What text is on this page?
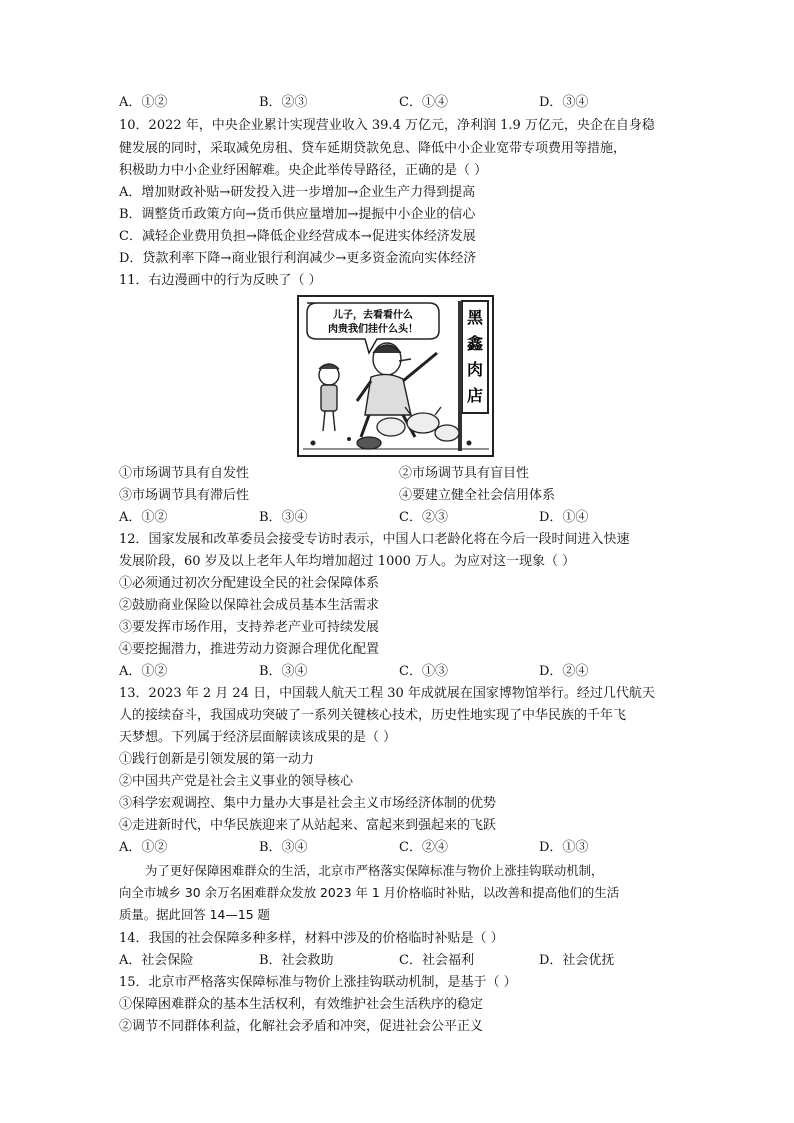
A．①②	B．②③	C．①④	D．③④
10．2022 年，中央企业累计实现营业收入 39.4 万亿元，净利润 1.9 万亿元，央企在自身稳
健发展的同时，采取减免房租、贷车延期贷款免息、降低中小企业宽带专项费用等措施，
积极助力中小企业纾困解难。央企此举传导路径，正确的是（ ）
A．增加财政补贴→研发投入进一步增加→企业生产力得到提高
B．调整货币政策方向→货币供应量增加→提振中小企业的信心
C．减轻企业费用负担→降低企业经营成本→促进实体经济发展
D．贷款利率下降→商业银行利润减少→更多资金流向实体经济
11．右边漫画中的行为反映了（ ）
儿子，去看看什么
肉贵我们挂什么头！
黑
鑫
肉
店
①市场调节具有自发性	②市场调节具有盲目性
③市场调节具有滞后性	④要建立健全社会信用体系
A．①②	B．③④	C．②③	D．①④
12．国家发展和改革委员会接受专访时表示，中国人口老龄化将在今后一段时间进入快速
发展阶段，60 岁及以上老年人年均增加超过 1000 万人。为应对这一现象（ ）
①必须通过初次分配建设全民的社会保障体系
②鼓励商业保险以保障社会成员基本生活需求
③要发挥市场作用，支持养老产业可持续发展
④要挖掘潜力，推进劳动力资源合理优化配置
A．①②	B．③④	C．①③	D．②④
13．2023 年 2 月 24 日，中国载人航天工程 30 年成就展在国家博物馆举行。经过几代航天
人的接续奋斗，我国成功突破了一系列关键核心技术，历史性地实现了中华民族的千年飞
天梦想。下列属于经济层面解读该成果的是（ ）
①践行创新是引领发展的第一动力
②中国共产党是社会主义事业的领导核心
③科学宏观调控、集中力量办大事是社会主义市场经济体制的优势
④走进新时代，中华民族迎来了从站起来、富起来到强起来的飞跃
A．①②	B．③④	C．②④	D．①③
为了更好保障困难群众的生活，北京市严格落实保障标准与物价上涨挂钩联动机制，
向全市城乡 30 余万名困难群众发放 2023 年 1 月价格临时补贴，以改善和提高他们的生活
质量。据此回答 14—15 题
14．我国的社会保障多种多样，材料中涉及的价格临时补贴是（ ）
A．社会保险	B．社会救助	C．社会福利	D．社会优抚
15．北京市严格落实保障标准与物价上涨挂钩联动机制，是基于（ ）
①保障困难群众的基本生活权利，有效维护社会生活秩序的稳定
②调节不同群体利益，化解社会矛盾和冲突，促进社会公平正义
